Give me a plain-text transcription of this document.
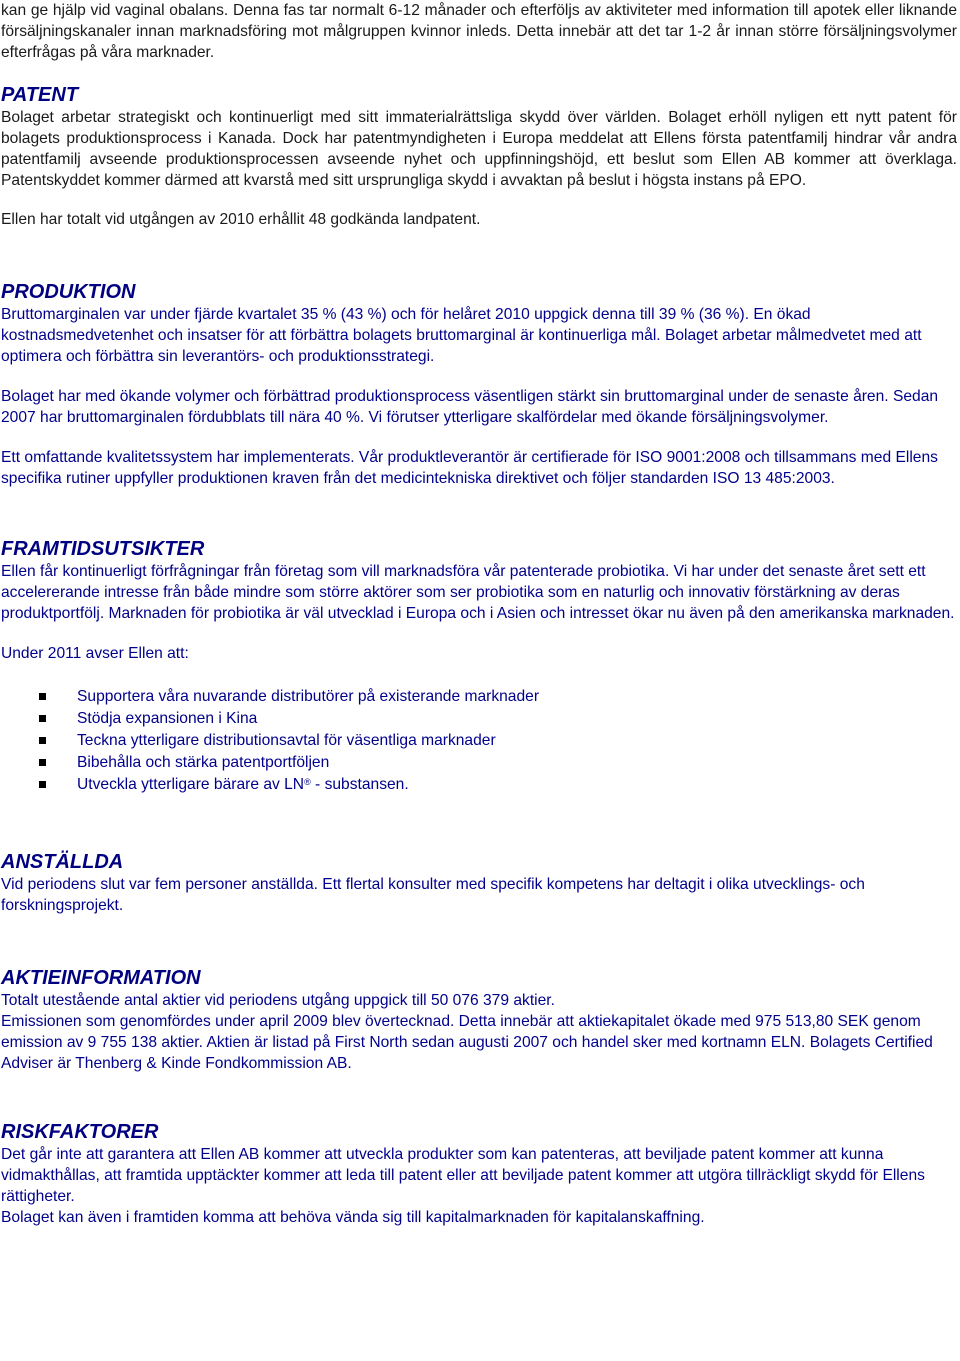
kan ge hjälp vid vaginal obalans. Denna fas tar normalt 6-12 månader och efterföljs av aktiviteter med information till apotek eller liknande försäljningskanaler innan marknadsföring mot målgruppen kvinnor inleds. Detta innebär att det tar 1-2 år innan större försäljningsvolymer efterfrågas på våra marknader.

PATENT

Bolaget arbetar strategiskt och kontinuerligt med sitt immaterialrättsliga skydd över världen. Bolaget erhöll nyligen ett nytt patent för bolagets produktionsprocess i Kanada. Dock har patentmyndigheten i Europa meddelat att Ellens första patentfamilj hindrar vår andra patentfamilj avseende produktionsprocessen avseende nyhet och uppfinningshöjd, ett beslut som Ellen AB kommer att överklaga. Patentskyddet kommer därmed att kvarstå med sitt ursprungliga skydd i avvaktan på beslut i högsta instans på EPO.

Ellen har totalt vid utgången av 2010 erhållit 48 godkända landpatent.

PRODUKTION

Bruttomarginalen var under fjärde kvartalet 35 % (43 %) och för helåret 2010 uppgick denna till 39 % (36 %). En ökad kostnadsmedvetenhet och insatser för att förbättra bolagets bruttomarginal är kontinuerliga mål. Bolaget arbetar målmedvetet med att optimera och förbättra sin leverantörs- och produktionsstrategi.

Bolaget har med ökande volymer och förbättrad produktionsprocess väsentligen stärkt sin bruttomarginal under de senaste åren. Sedan 2007 har bruttomarginalen fördubblats till nära 40 %. Vi förutser ytterligare skalfördelar med ökande försäljningsvolymer.

Ett omfattande kvalitetssystem har implementerats. Vår produktleverantör är certifierade för ISO 9001:2008 och tillsammans med Ellens specifika rutiner uppfyller produktionen kraven från det medicintekniska direktivet och följer standarden ISO 13 485:2003.

FRAMTIDSUTSIKTER

Ellen får kontinuerligt förfrågningar från företag som vill marknadsföra vår patenterade probiotika. Vi har under det senaste året sett ett accelererande intresse från både mindre som större aktörer som ser probiotika som en naturlig och innovativ förstärkning av deras produktportfölj. Marknaden för probiotika är väl utvecklad i Europa och i Asien och intresset ökar nu även på den amerikanska marknaden.

Under 2011 avser Ellen att:

Supportera våra nuvarande distributörer på existerande marknader
Stödja expansionen i Kina
Teckna ytterligare distributionsavtal för väsentliga marknader
Bibehålla och stärka patentportföljen
Utveckla ytterligare bärare av LN® - substansen.
ANSTÄLLDA

Vid periodens slut var fem personer anställda. Ett flertal konsulter med specifik kompetens har deltagit i olika utvecklings- och forskningsprojekt.

AKTIEINFORMATION

Totalt utestående antal aktier vid periodens utgång uppgick till 50 076 379 aktier.

Emissionen som genomfördes under april 2009 blev övertecknad. Detta innebär att aktiekapitalet ökade med 975 513,80 SEK genom emission av 9 755 138 aktier. Aktien är listad på First North sedan augusti 2007 och handel sker med kortnamn ELN. Bolagets Certified Adviser är Thenberg & Kinde Fondkommission AB.

RISKFAKTORER

Det går inte att garantera att Ellen AB kommer att utveckla produkter som kan patenteras, att beviljade patent kommer att kunna vidmakthållas, att framtida upptäckter kommer att leda till patent eller att beviljade patent kommer att utgöra tillräckligt skydd för Ellens rättigheter.

Bolaget kan även i framtiden komma att behöva vända sig till kapitalmarknaden för kapitalanskaffning.
